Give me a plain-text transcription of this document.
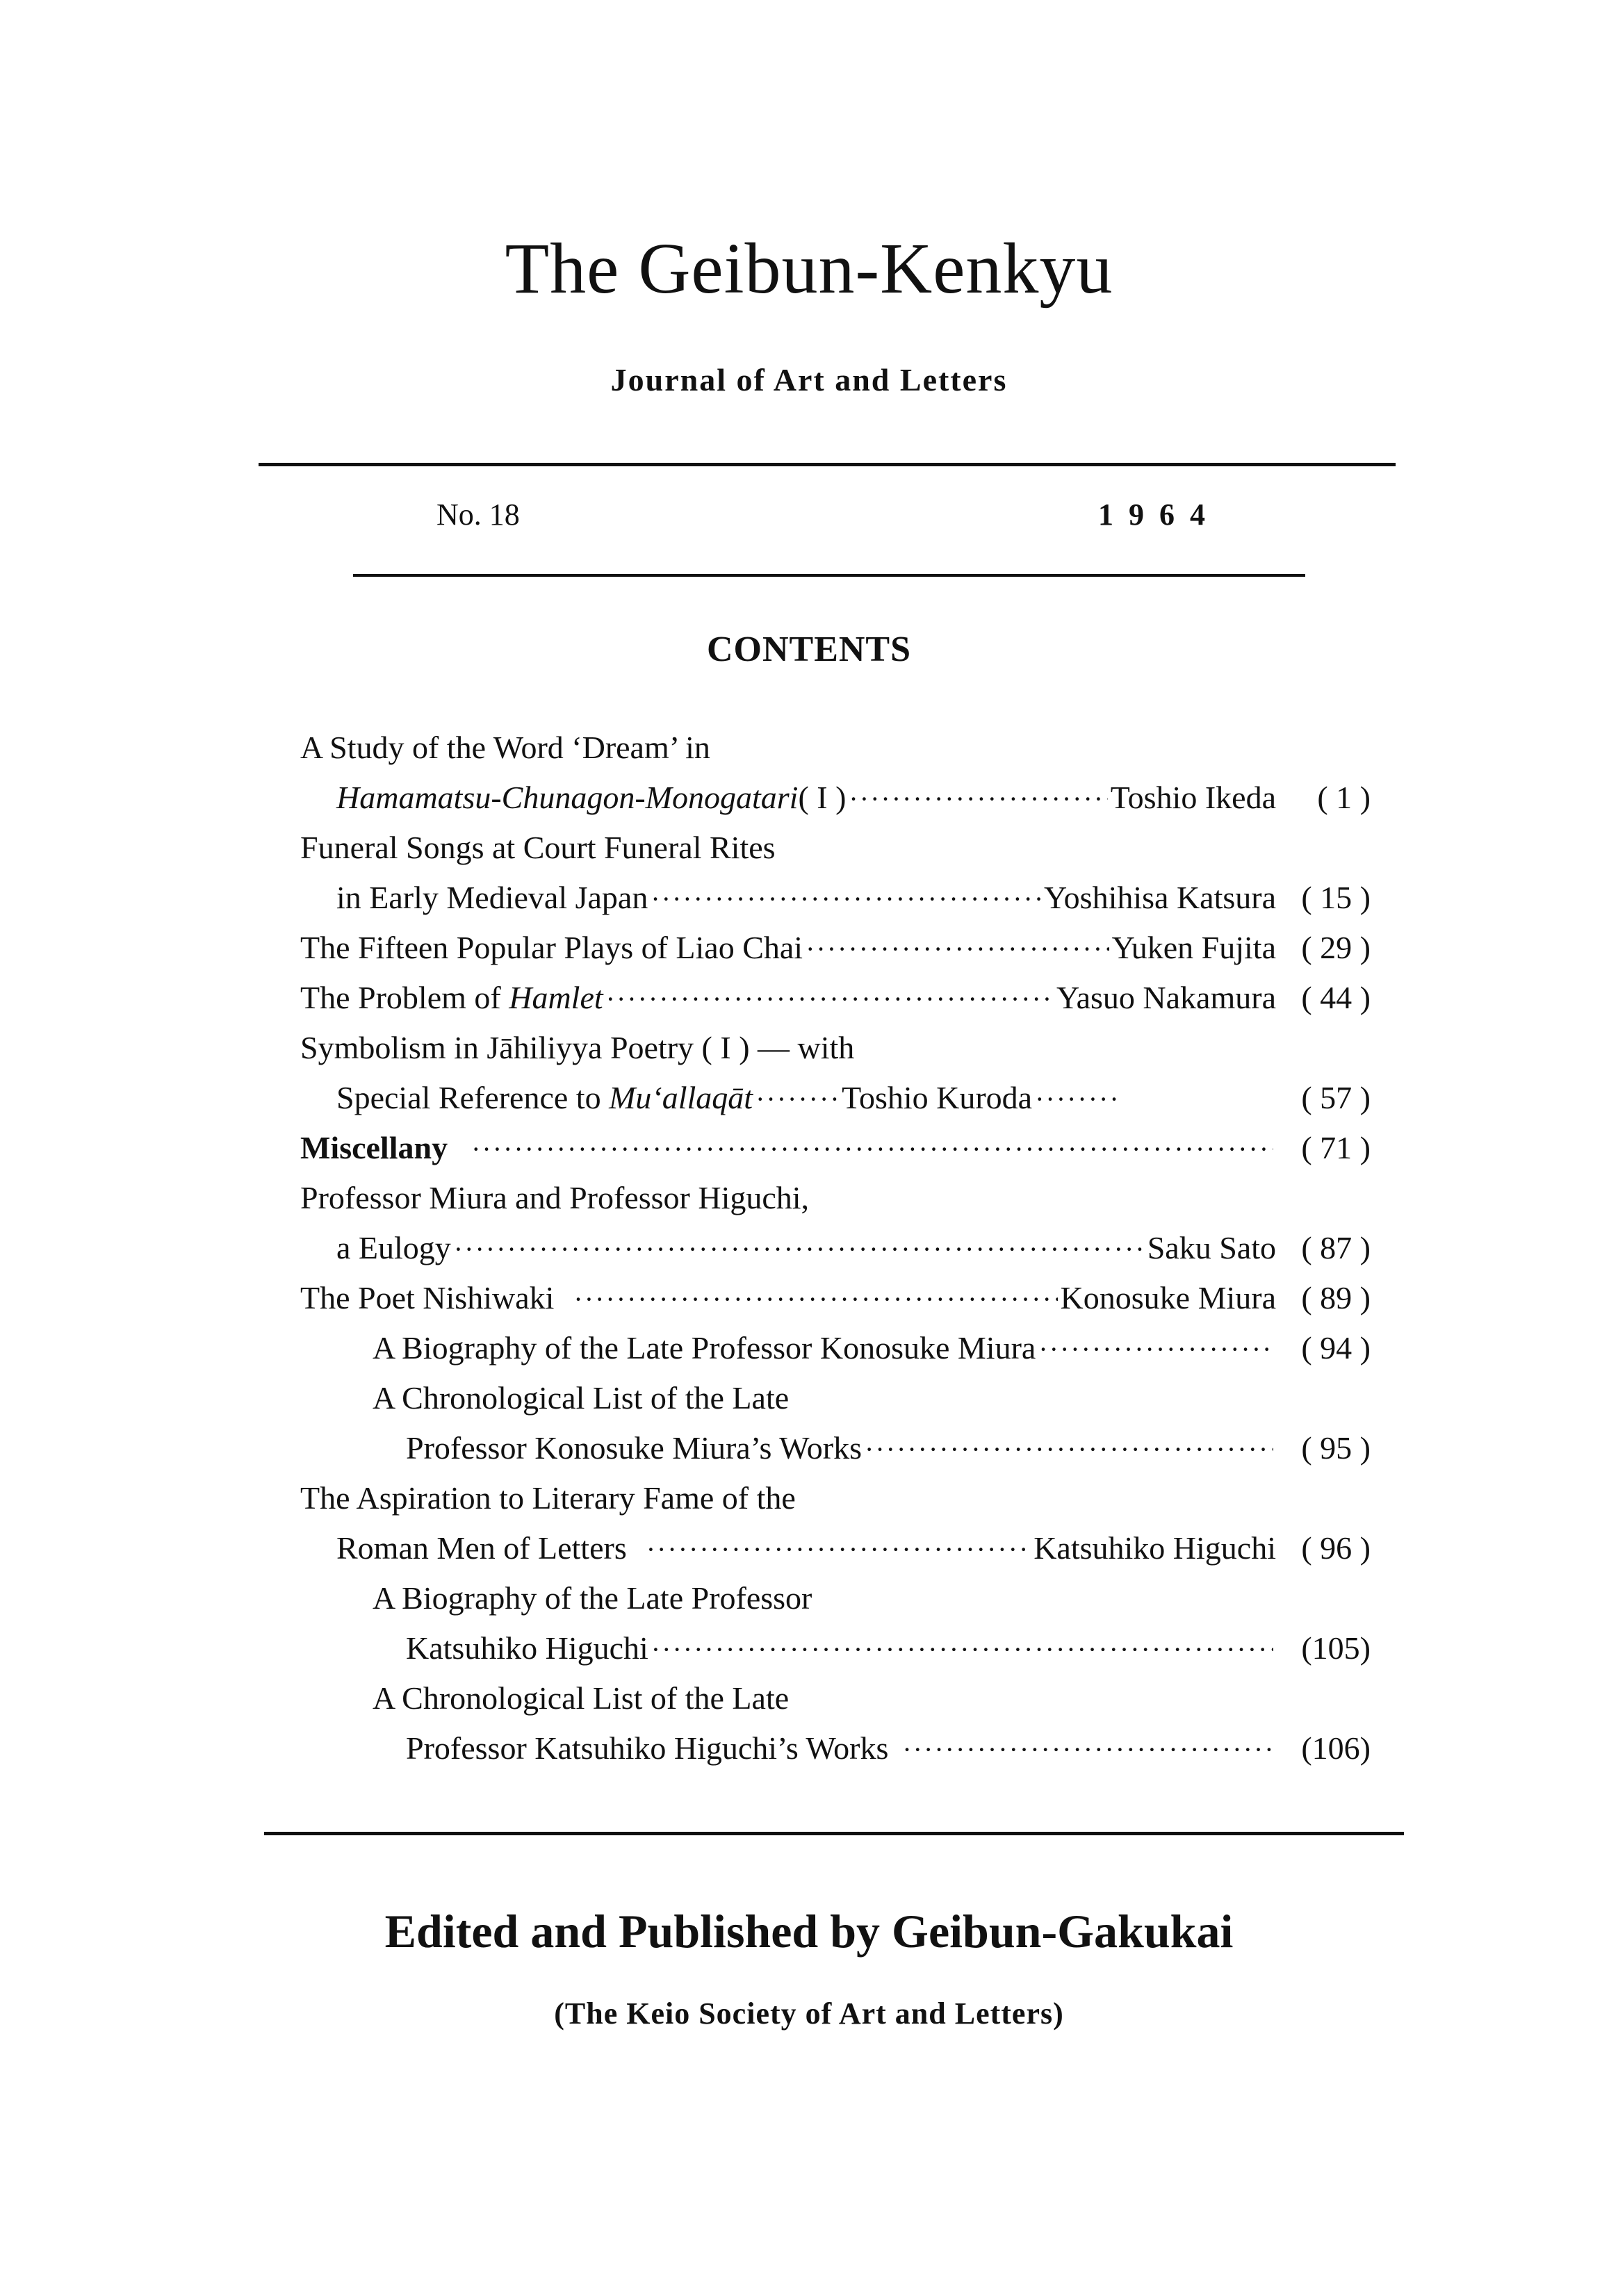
The Geibun-Kenkyu
Journal of Art and Letters
No. 18	1964
CONTENTS
A Study of the Word ‘Dream’ in
Hamamatsu-Chunagon-Monogatari ( I ) ·····	Toshio Ikeda	( 1 )
Funeral Songs at Court Funeral Rites
in Early Medieval Japan ·····	Yoshihisa Katsura ( 15 )
The Fifteen Popular Plays of Liao Chai ·····	Yuken Fujita ( 29 )
The Problem of Hamlet ·····	Yasuo Nakamura ( 44 )
Symbolism in Jāhiliyya Poetry ( I ) — with
Special Reference to Mu‘allaqāt ·····	Toshio Kuroda ·····	( 57 )
Miscellany ·····	( 71 )
Professor Miura and Professor Higuchi,
a Eulogy ·····	Saku Sato ( 87 )
The Poet Nishiwaki ·····	Konosuke Miura ( 89 )
A Biography of the Late Professor Konosuke Miura ·····	( 94 )
A Chronological List of the Late
Professor Konosuke Miura’s Works ·····	( 95 )
The Aspiration to Literary Fame of the
Roman Men of Letters ·····	Katsuhiko Higuchi ( 96 )
A Biography of the Late Professor
Katsuhiko Higuchi ·····	(105)
A Chronological List of the Late
Professor Katsuhiko Higuchi’s Works ·····	(106)
Edited and Published by Geibun-Gakukai
(The Keio Society of Art and Letters)
